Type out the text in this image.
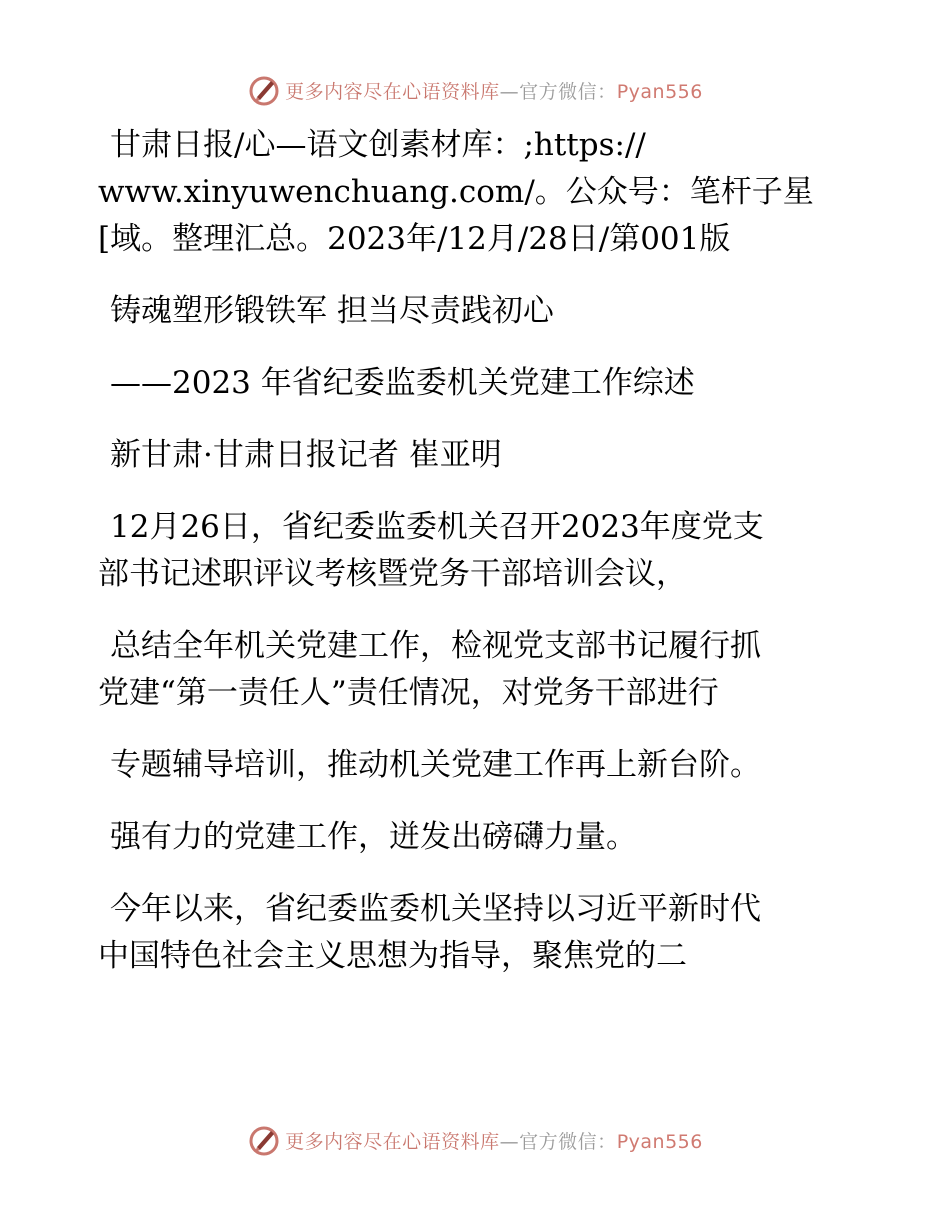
更多内容尽在心语资料库—官方微信：Pyan556
甘肃日报/心—语文创素材库：;https://
www.xinyuwenchuang.com/。公众号：笔杆子星
[域。整理汇总。2023年/12月/28日/第001版
铸魂塑形锻铁军 担当尽责践初心
——2023 年省纪委监委机关党建工作综述
新甘肃·甘肃日报记者 崔亚明
12月26日，省纪委监委机关召开2023年度党支
部书记述职评议考核暨党务干部培训会议，
总结全年机关党建工作，检视党支部书记履行抓
党建“第一责任人”责任情况，对党务干部进行
专题辅导培训，推动机关党建工作再上新台阶。
强有力的党建工作，迸发出磅礴力量。
今年以来，省纪委监委机关坚持以习近平新时代
中国特色社会主义思想为指导，聚焦党的二
更多内容尽在心语资料库—官方微信：Pyan556
